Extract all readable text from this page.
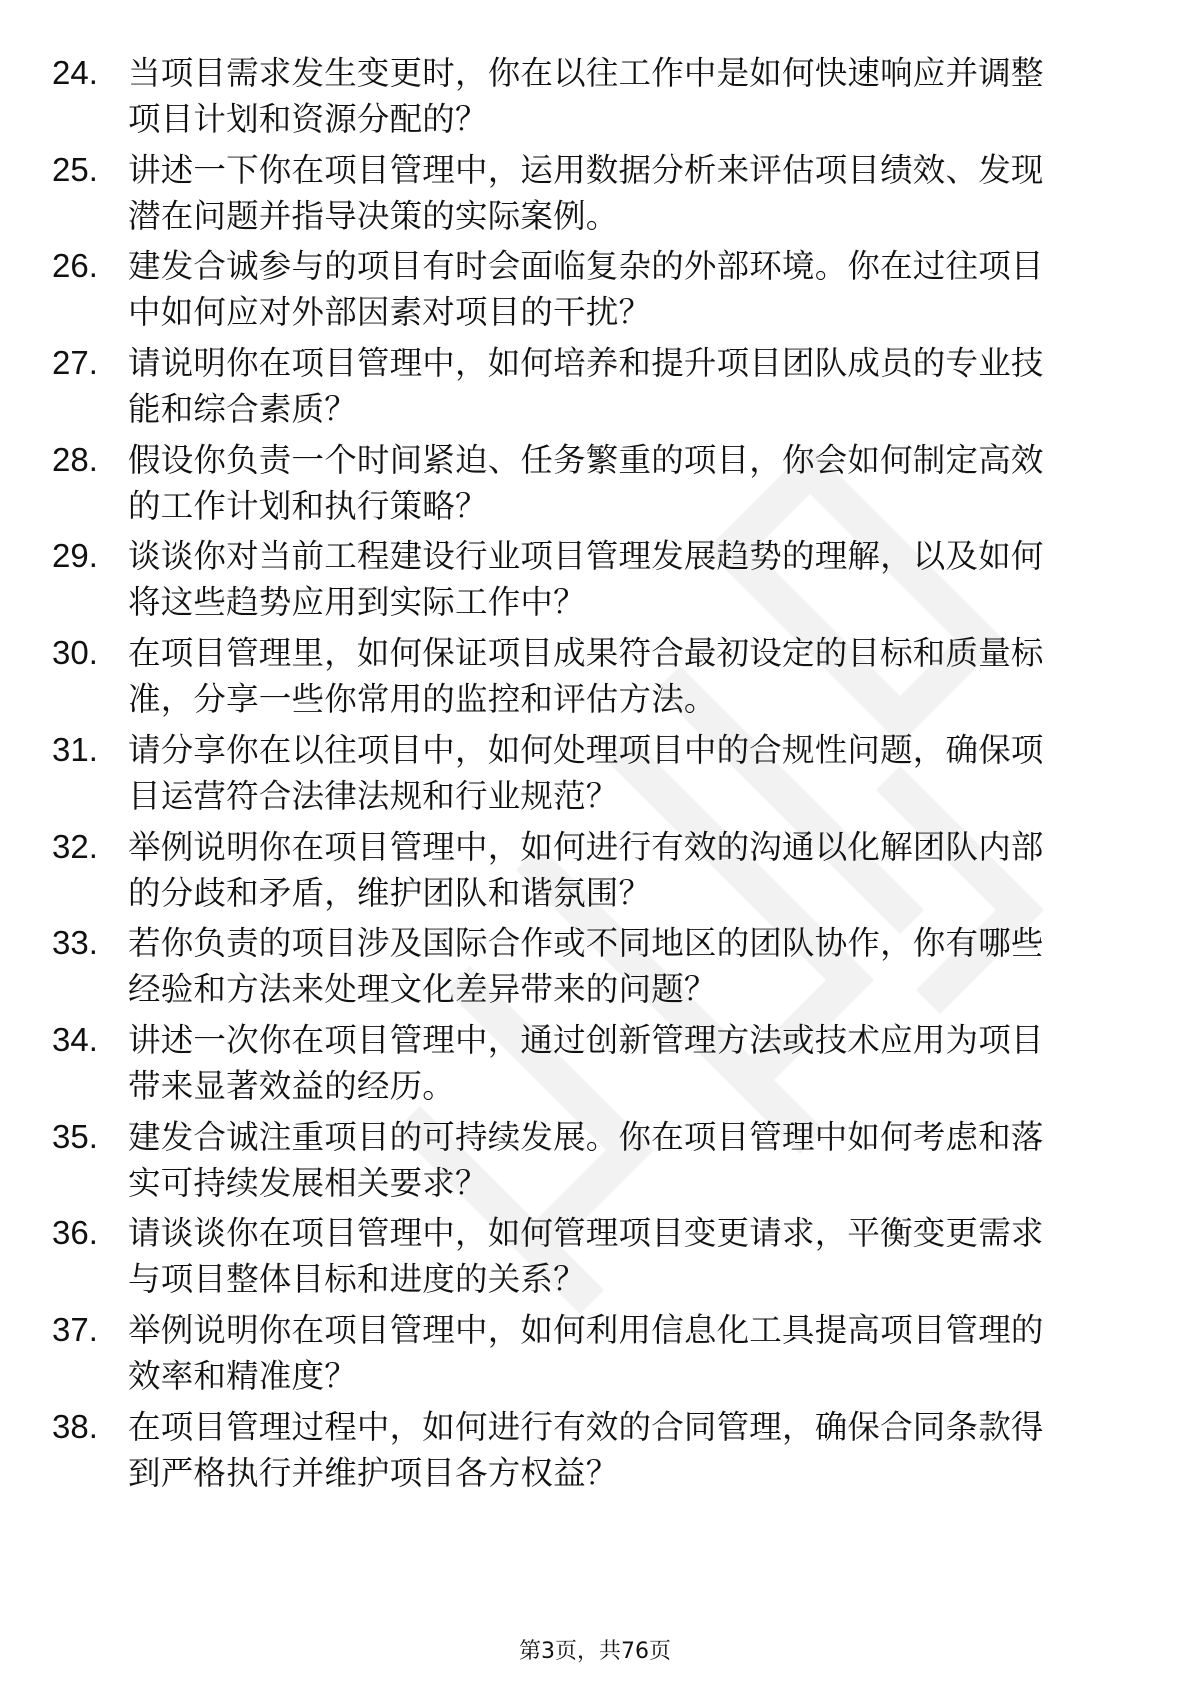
24. 当项目需求发生变更时，你在以往工作中是如何快速响应并调整
项目计划和资源分配的？
25. 讲述一下你在项目管理中，运用数据分析来评估项目绩效、发现
潜在问题并指导决策的实际案例。
26. 建发合诚参与的项目有时会面临复杂的外部环境。你在过往项目
中如何应对外部因素对项目的干扰？
27. 请说明你在项目管理中，如何培养和提升项目团队成员的专业技
能和综合素质？
28. 假设你负责一个时间紧迫、任务繁重的项目，你会如何制定高效
的工作计划和执行策略？
29. 谈谈你对当前工程建设行业项目管理发展趋势的理解，以及如何
将这些趋势应用到实际工作中？
30. 在项目管理里，如何保证项目成果符合最初设定的目标和质量标
准，分享一些你常用的监控和评估方法。
31. 请分享你在以往项目中，如何处理项目中的合规性问题，确保项
目运营符合法律法规和行业规范？
32. 举例说明你在项目管理中，如何进行有效的沟通以化解团队内部
的分歧和矛盾，维护团队和谐氛围？
33. 若你负责的项目涉及国际合作或不同地区的团队协作，你有哪些
经验和方法来处理文化差异带来的问题？
34. 讲述一次你在项目管理中，通过创新管理方法或技术应用为项目
带来显著效益的经历。
35. 建发合诚注重项目的可持续发展。你在项目管理中如何考虑和落
实可持续发展相关要求？
36. 请谈谈你在项目管理中，如何管理项目变更请求，平衡变更需求
与项目整体目标和进度的关系？
37. 举例说明你在项目管理中，如何利用信息化工具提高项目管理的
效率和精准度？
38. 在项目管理过程中，如何进行有效的合同管理，确保合同条款得
到严格执行并维护项目各方权益？
第3页，共76页
